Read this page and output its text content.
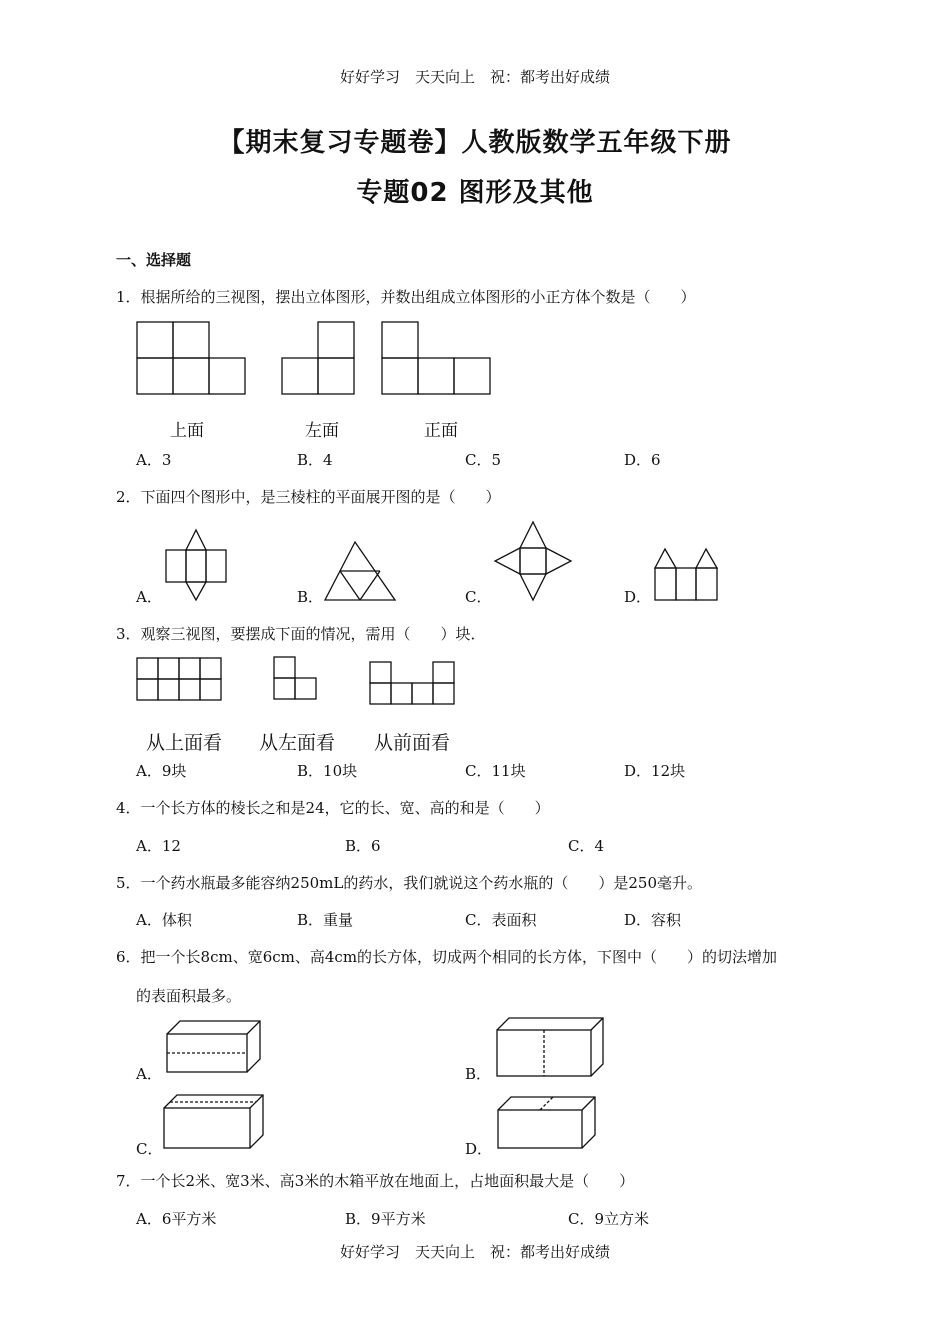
好好学习　天天向上　祝：都考出好成绩
【期末复习专题卷】人教版数学五年级下册
专题02 图形及其他
一、选择题
1．根据所给的三视图，摆出立体图形，并数出组成立体图形的小正方体个数是（　　）
上面	左面	正面
A．3	B．4	C．5	D．6
2．下面四个图形中，是三棱柱的平面展开图的是（　　）
A．	B．	C．	D．
3．观察三视图，要摆成下面的情况，需用（　　）块．
从上面看 从左面看 从前面看
A．9块	B．10块	C．11块	D．12块
4．一个长方体的棱长之和是24，它的长、宽、高的和是（　　）
A．12	B．6	C．4
5．一个药水瓶最多能容纳250mL的药水，我们就说这个药水瓶的（　　）是250毫升。
A．体积	B．重量	C．表面积	D．容积
6．把一个长8cm、宽6cm、高4cm的长方体，切成两个相同的长方体，下图中（　　）的切法增加
的表面积最多。
A．	B．
C．	D．
7．一个长2米、宽3米、高3米的木箱平放在地面上，占地面积最大是（　　）
A．6平方米	B．9平方米	C．9立方米
好好学习　天天向上　祝：都考出好成绩
